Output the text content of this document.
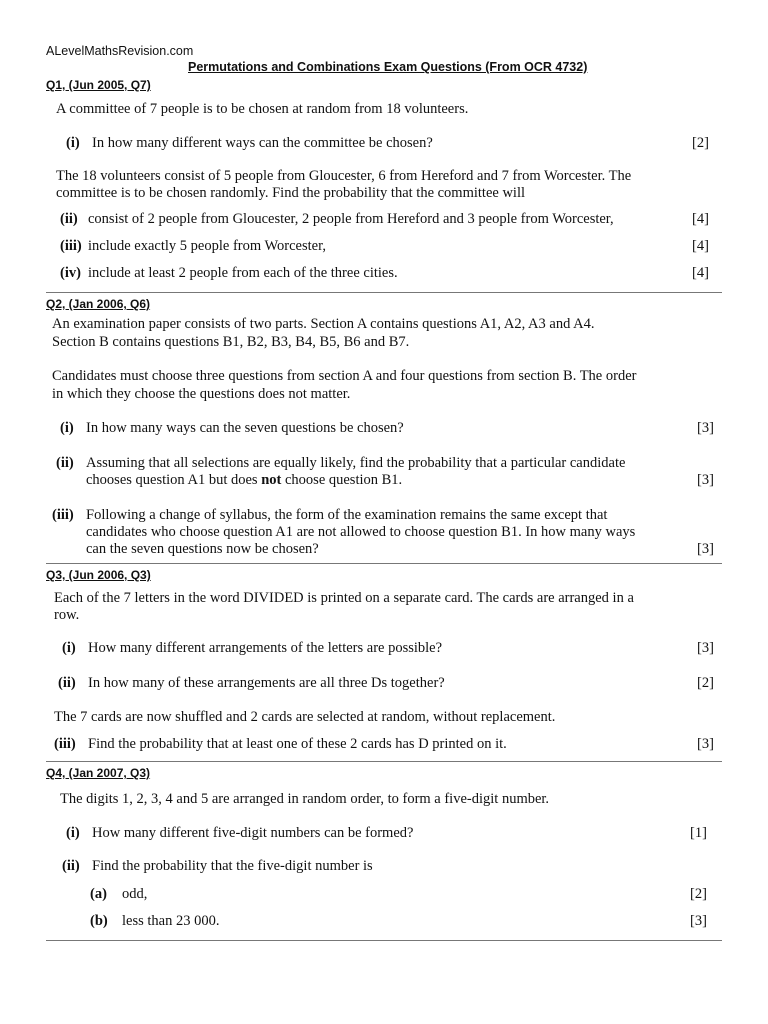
ALevelMathsRevision.com
Permutations and Combinations Exam Questions (From OCR 4732)
Q1, (Jun 2005, Q7)
A committee of 7 people is to be chosen at random from 18 volunteers.
(i) In how many different ways can the committee be chosen?	[2]
The 18 volunteers consist of 5 people from Gloucester, 6 from Hereford and 7 from Worcester. The
committee is to be chosen randomly. Find the probability that the committee will
(ii) consist of 2 people from Gloucester, 2 people from Hereford and 3 people from Worcester,	[4]
(iii) include exactly 5 people from Worcester,	[4]
(iv) include at least 2 people from each of the three cities.	[4]
Q2, (Jan 2006, Q6)
An examination paper consists of two parts. Section A contains questions A1, A2, A3 and A4.
Section B contains questions B1, B2, B3, B4, B5, B6 and B7.
Candidates must choose three questions from section A and four questions from section B. The order
in which they choose the questions does not matter.
(i) In how many ways can the seven questions be chosen?	[3]
(ii) Assuming that all selections are equally likely, find the probability that a particular candidate
chooses question A1 but does not choose question B1.	[3]
(iii) Following a change of syllabus, the form of the examination remains the same except that
candidates who choose question A1 are not allowed to choose question B1. In how many ways
can the seven questions now be chosen?	[3]
Q3, (Jun 2006, Q3)
Each of the 7 letters in the word DIVIDED is printed on a separate card. The cards are arranged in a
row.
(i) How many different arrangements of the letters are possible?	[3]
(ii) In how many of these arrangements are all three Ds together?	[2]
The 7 cards are now shuffled and 2 cards are selected at random, without replacement.
(iii) Find the probability that at least one of these 2 cards has D printed on it.	[3]
Q4, (Jan 2007, Q3)
The digits 1, 2, 3, 4 and 5 are arranged in random order, to form a five-digit number.
(i) How many different five-digit numbers can be formed?	[1]
(ii) Find the probability that the five-digit number is
(a) odd,	[2]
(b) less than 23 000.	[3]
